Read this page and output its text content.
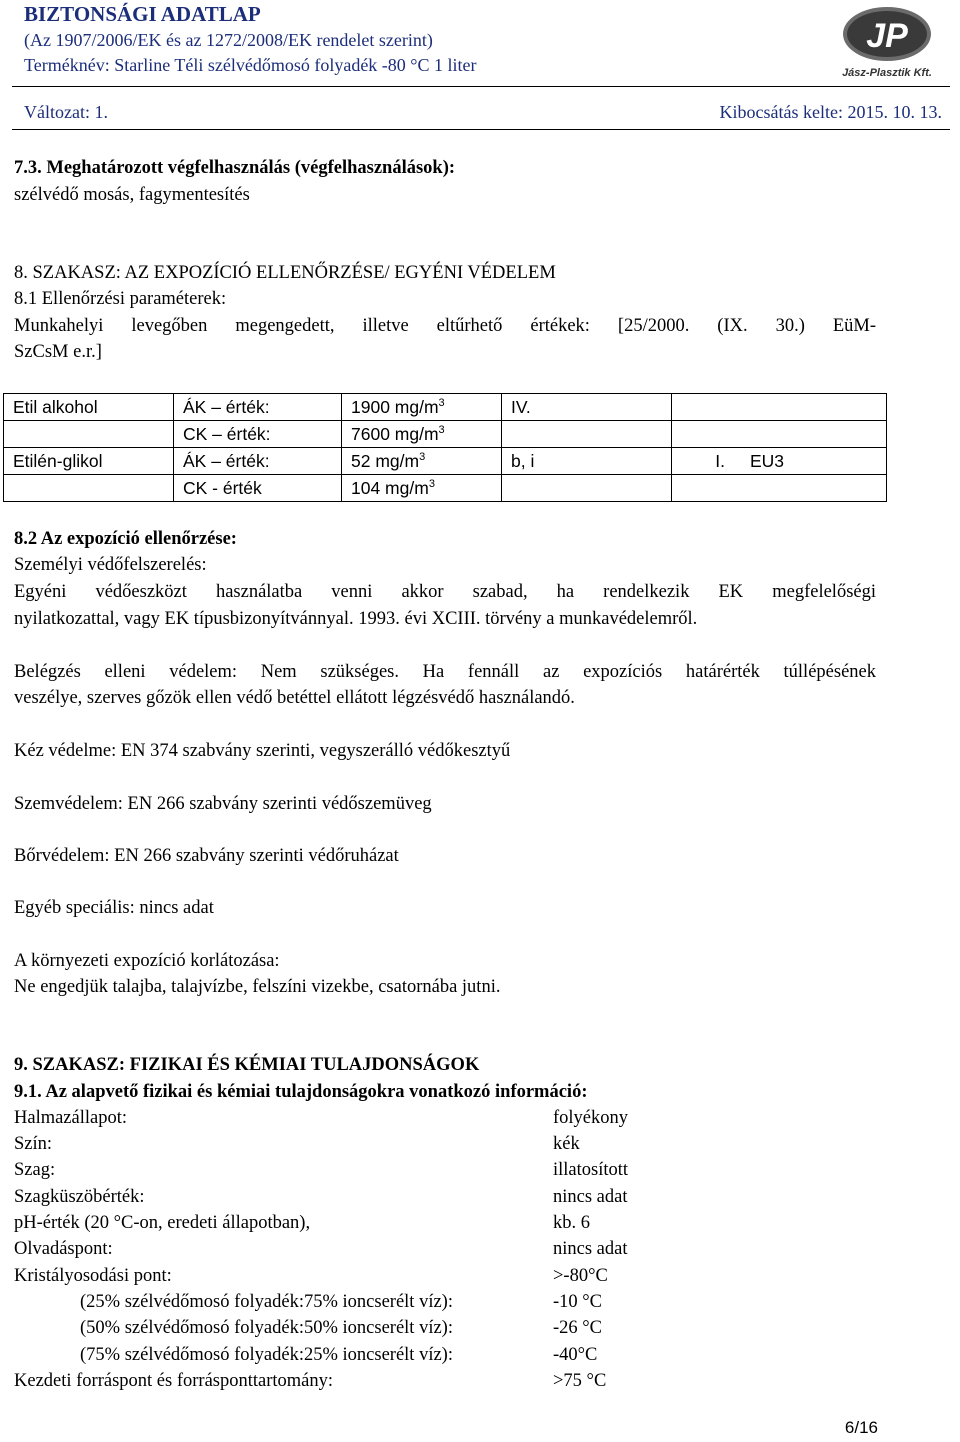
BIZTONSÁGI ADATLAP
(Az 1907/2006/EK és az 1272/2008/EK rendelet szerint)
Terméknév: Starline Téli szélvédőmosó folyadék -80 °C 1 liter
JP
Jász-Plasztik Kft.
Változat: 1.	Kibocsátás kelte: 2015. 10. 13.
7.3. Meghatározott végfelhasználás (végfelhasználások):
szélvédő mosás, fagymentesítés
8. SZAKASZ: AZ EXPOZÍCIÓ ELLENŐRZÉSE/ EGYÉNI VÉDELEM
8.1 Ellenőrzési paraméterek:
Munkahelyi levegőben megengedett, illetve eltűrhető értékek: [25/2000. (IX. 30.) EüM-
SzCsM e.r.]
Etil alkohol	ÁK – érték:	1900 $mg/m^3$	IV.		
	CK – érték:	7600 $mg/m^3$			
Etilén-glikol	ÁK – érték:	52 $mg/m^3$	b, i	I.	EU3
	CK - érték	104 $mg/m^3$			
8.2 Az expozíció ellenőrzése:
Személyi védőfelszerelés:
Egyéni védőeszközt használatba venni akkor szabad, ha rendelkezik EK megfelelőségi
nyilatkozattal, vagy EK típusbizonyítvánnyal. 1993. évi XCIII. törvény a munkavédelemről.
Belégzés elleni védelem: Nem szükséges. Ha fennáll az expozíciós határérték túllépésének
veszélye, szerves gőzök ellen védő betéttel ellátott légzésvédő használandó.
Kéz védelme: EN 374 szabvány szerinti, vegyszerálló védőkesztyű
Szemvédelem: EN 266 szabvány szerinti védőszemüveg
Bőrvédelem: EN 266 szabvány szerinti védőruházat
Egyéb speciális: nincs adat
A környezeti expozíció korlátozása:
Ne engedjük talajba, talajvízbe, felszíni vizekbe, csatornába jutni.
9. SZAKASZ: FIZIKAI ÉS KÉMIAI TULAJDONSÁGOK
9.1. Az alapvető fizikai és kémiai tulajdonságokra vonatkozó információ:
Halmazállapot:	folyékony
Szín:	kék
Szag:	illatosított
Szagküszöbérték:	nincs adat
pH-érték (20 °C-on, eredeti állapotban),	kb. 6
Olvadáspont:	nincs adat
Kristályosodási pont:	>-80°C
(25% szélvédőmosó folyadék:75% ioncserélt víz):	-10 °C
(50% szélvédőmosó folyadék:50% ioncserélt víz):	-26 °C
(75% szélvédőmosó folyadék:25% ioncserélt víz):	-40°C
Kezdeti forráspont és forrásponttartomány:	>75 °C
6/16
